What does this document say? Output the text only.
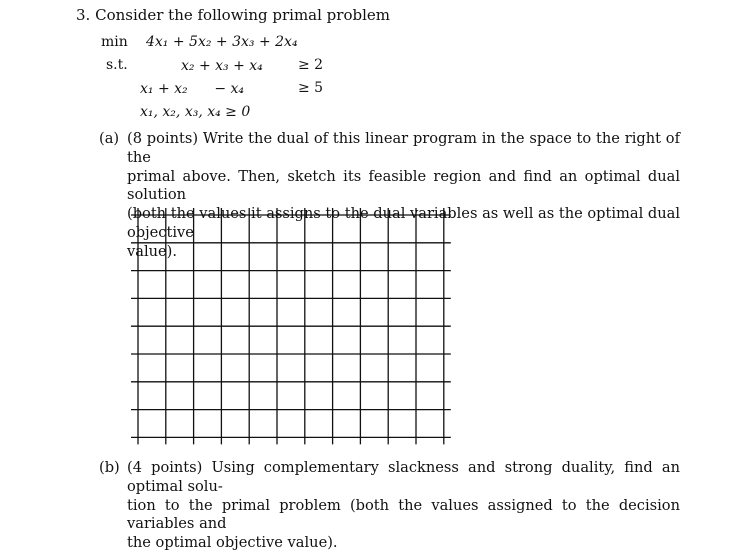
3. Consider the following primal problem
min 4x₁ + 5x₂ + 3x₃ + 2x₄
s.t.	x₂ + x₃ + x₄	≥ 2
x₁ + x₂      − x₄	≥ 5
x₁, x₂, x₃, x₄ ≥ 0
(a) (8 points) Write the dual of this linear program in the space to the right of the
primal above. Then, sketch its feasible region and find an optimal dual solution
(both the values it assigns to the dual variables as well as the optimal dual objective
value).
(b) (4 points) Using complementary slackness and strong duality, find an optimal solu-
tion to the primal problem (both the values assigned to the decision variables and
the optimal objective value).
